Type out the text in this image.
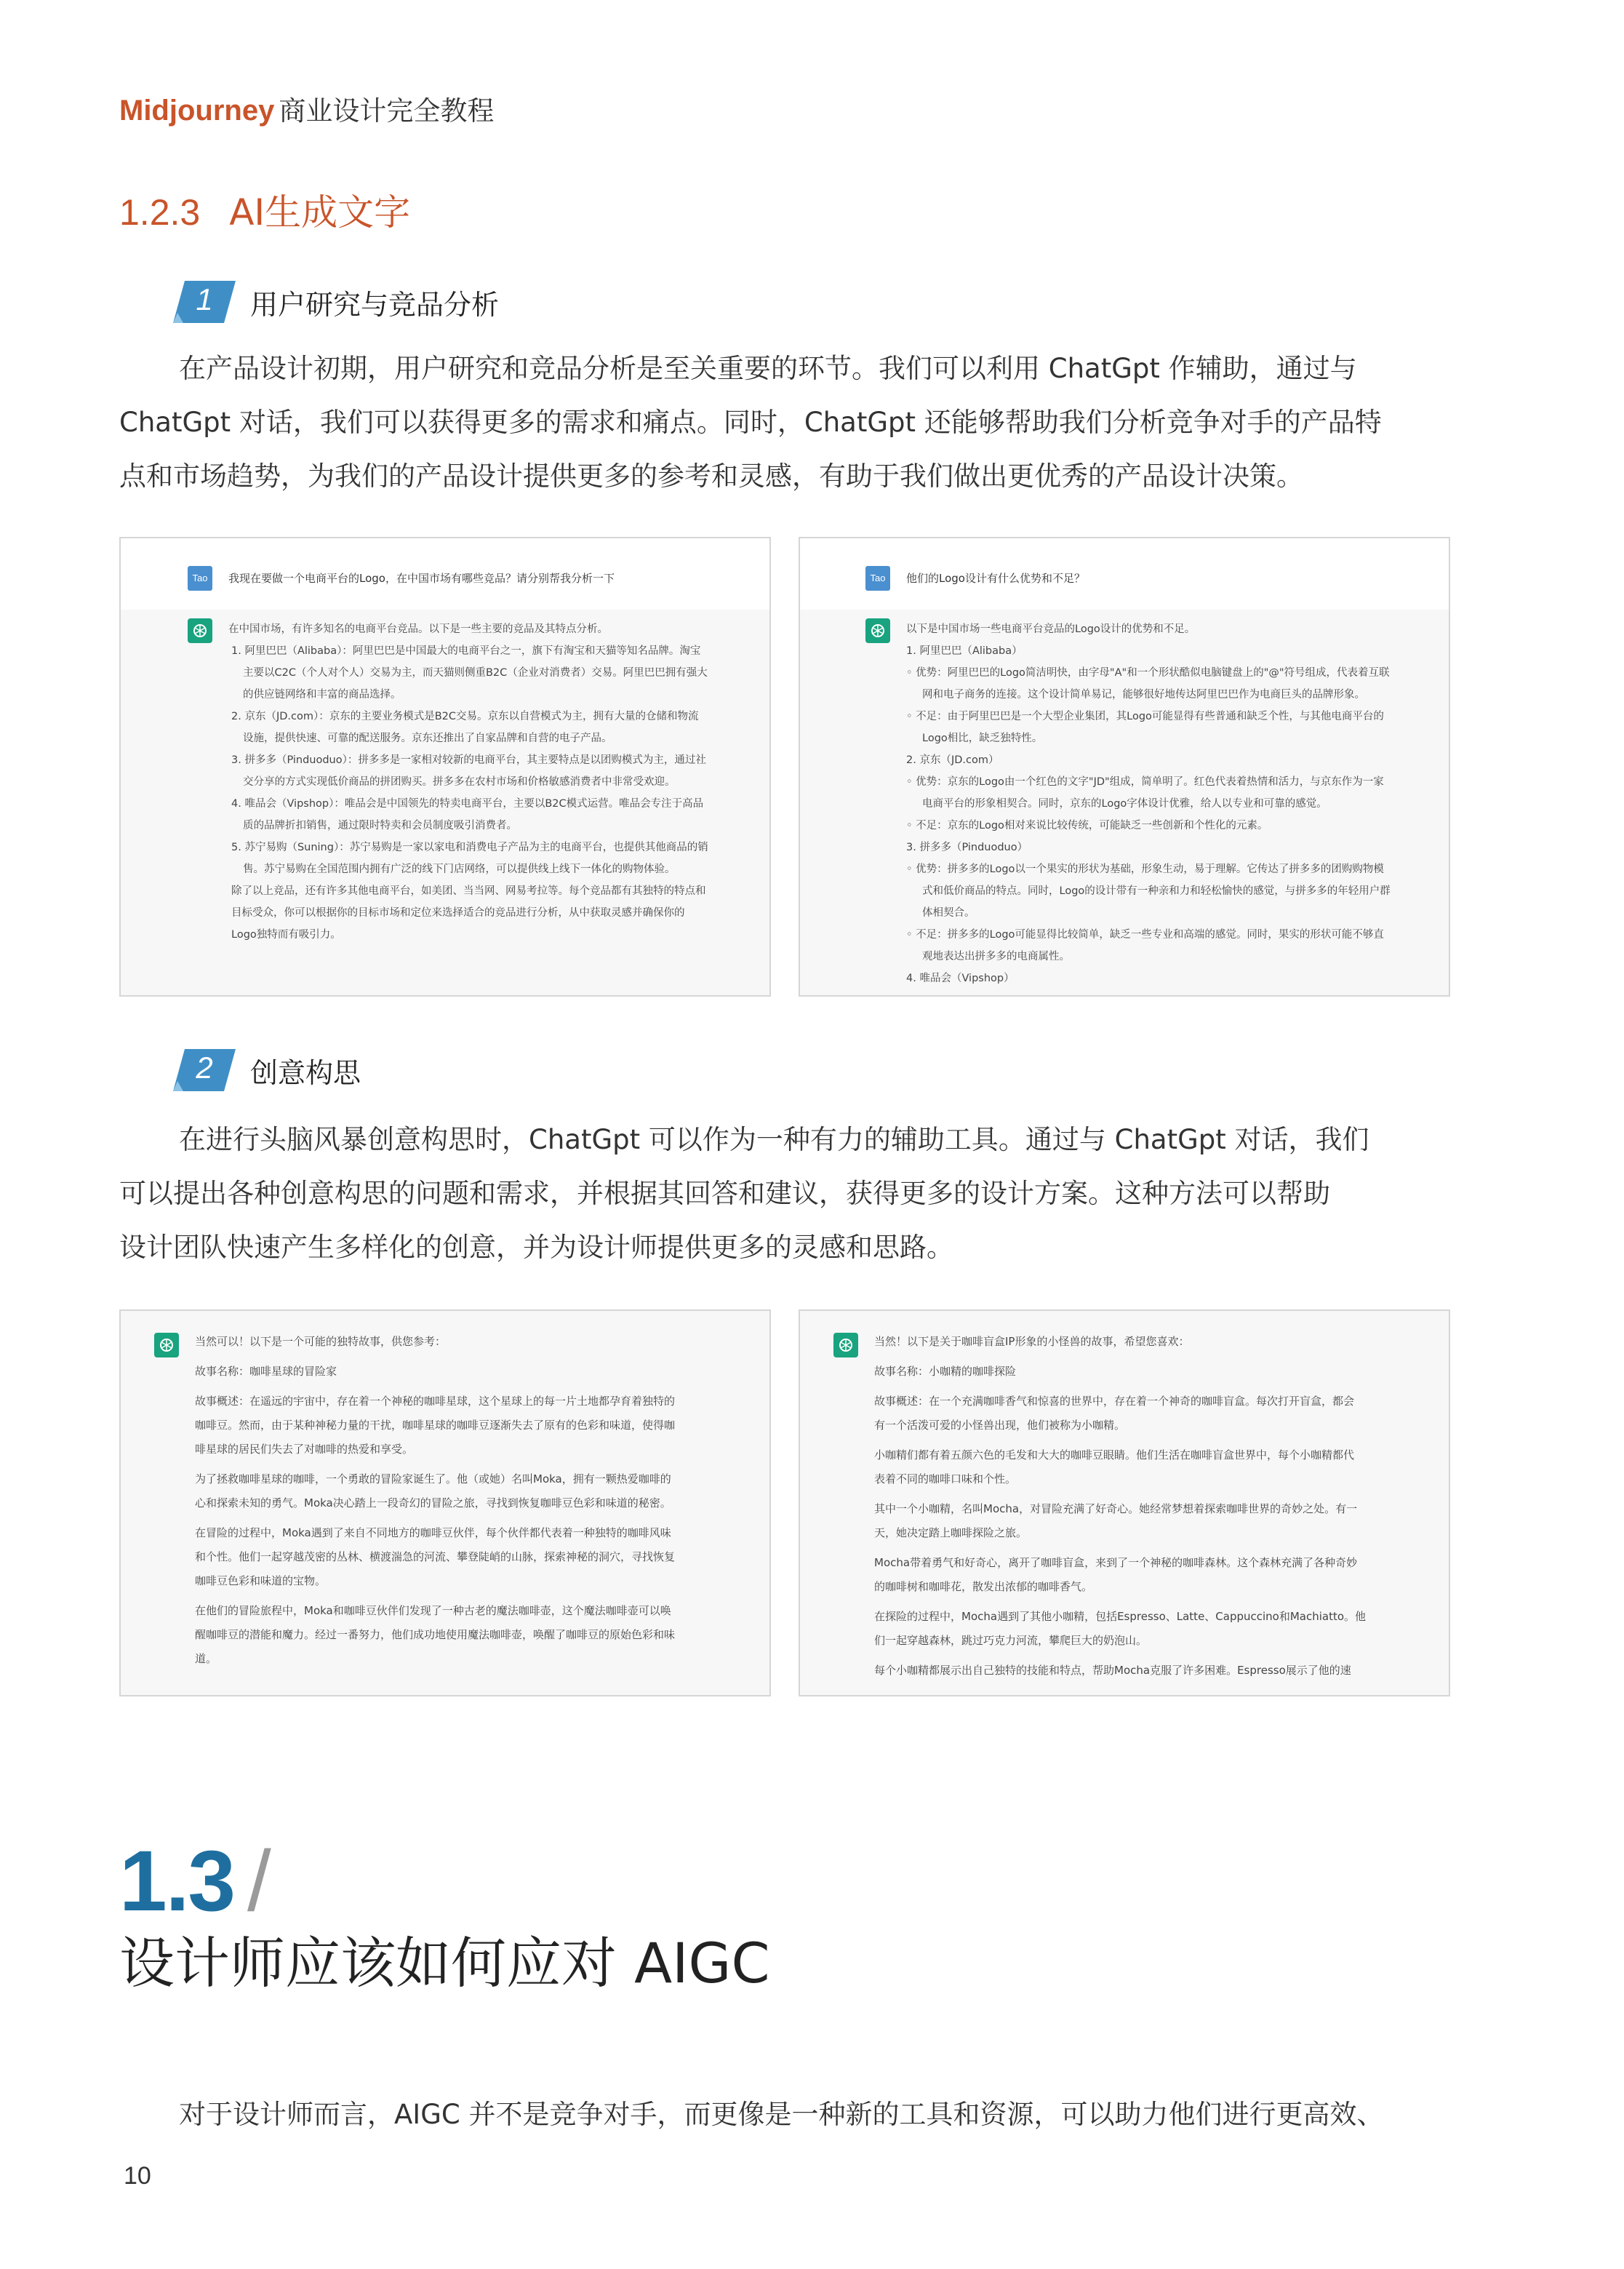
Midjourney 商业设计完全教程
1.2.3 AI生成文字
1	用户研究与竞品分析
在产品设计初期，用户研究和竞品分析是至关重要的环节。我们可以利用 ChatGpt 作辅助，通过与
ChatGpt 对话，我们可以获得更多的需求和痛点。同时，ChatGpt 还能够帮助我们分析竞争对手的产品特
点和市场趋势，为我们的产品设计提供更多的参考和灵感，有助于我们做出更优秀的产品设计决策。
Tao	我现在要做一个电商平台的Logo，在中国市场有哪些竞品？请分别帮我分析一下
在中国市场，有许多知名的电商平台竞品。以下是一些主要的竞品及其特点分析。
1. 阿里巴巴（Alibaba）：阿里巴巴是中国最大的电商平台之一，旗下有淘宝和天猫等知名品牌。淘宝
主要以C2C（个人对个人）交易为主，而天猫则侧重B2C（企业对消费者）交易。阿里巴巴拥有强大
的供应链网络和丰富的商品选择。
2. 京东（JD.com）：京东的主要业务模式是B2C交易。京东以自营模式为主，拥有大量的仓储和物流
设施，提供快速、可靠的配送服务。京东还推出了自家品牌和自营的电子产品。
3. 拼多多（Pinduoduo）：拼多多是一家相对较新的电商平台，其主要特点是以团购模式为主，通过社
交分享的方式实现低价商品的拼团购买。拼多多在农村市场和价格敏感消费者中非常受欢迎。
4. 唯品会（Vipshop）：唯品会是中国领先的特卖电商平台，主要以B2C模式运营。唯品会专注于高品
质的品牌折扣销售，通过限时特卖和会员制度吸引消费者。
5. 苏宁易购（Suning）：苏宁易购是一家以家电和消费电子产品为主的电商平台，也提供其他商品的销
售。苏宁易购在全国范围内拥有广泛的线下门店网络，可以提供线上线下一体化的购物体验。
除了以上竞品，还有许多其他电商平台，如美团、当当网、网易考拉等。每个竞品都有其独特的特点和
目标受众，你可以根据你的目标市场和定位来选择适合的竞品进行分析，从中获取灵感并确保你的
Logo独特而有吸引力。
Tao	他们的Logo设计有什么优势和不足？
以下是中国市场一些电商平台竞品的Logo设计的优势和不足。
1. 阿里巴巴（Alibaba）
◦ 优势：阿里巴巴的Logo简洁明快，由字母"A"和一个形状酷似电脑键盘上的"@"符号组成，代表着互联
网和电子商务的连接。这个设计简单易记，能够很好地传达阿里巴巴作为电商巨头的品牌形象。
◦ 不足：由于阿里巴巴是一个大型企业集团，其Logo可能显得有些普通和缺乏个性，与其他电商平台的
Logo相比，缺乏独特性。
2. 京东（JD.com）
◦ 优势：京东的Logo由一个红色的文字"JD"组成，简单明了。红色代表着热情和活力，与京东作为一家
电商平台的形象相契合。同时，京东的Logo字体设计优雅，给人以专业和可靠的感觉。
◦ 不足：京东的Logo相对来说比较传统，可能缺乏一些创新和个性化的元素。
3. 拼多多（Pinduoduo）
◦ 优势：拼多多的Logo以一个果实的形状为基础，形象生动，易于理解。它传达了拼多多的团购购物模
式和低价商品的特点。同时，Logo的设计带有一种亲和力和轻松愉快的感觉，与拼多多的年轻用户群
体相契合。
◦ 不足：拼多多的Logo可能显得比较简单，缺乏一些专业和高端的感觉。同时，果实的形状可能不够直
观地表达出拼多多的电商属性。
4. 唯品会（Vipshop）
2	创意构思
在进行头脑风暴创意构思时，ChatGpt 可以作为一种有力的辅助工具。通过与 ChatGpt 对话，我们
可以提出各种创意构思的问题和需求，并根据其回答和建议，获得更多的设计方案。这种方法可以帮助
设计团队快速产生多样化的创意，并为设计师提供更多的灵感和思路。
当然可以！以下是一个可能的独特故事，供您参考：
故事名称：咖啡星球的冒险家
故事概述：在遥远的宇宙中，存在着一个神秘的咖啡星球，这个星球上的每一片土地都孕育着独特的
咖啡豆。然而，由于某种神秘力量的干扰，咖啡星球的咖啡豆逐渐失去了原有的色彩和味道，使得咖
啡星球的居民们失去了对咖啡的热爱和享受。
为了拯救咖啡星球的咖啡，一个勇敢的冒险家诞生了。他（或她）名叫Moka，拥有一颗热爱咖啡的
心和探索未知的勇气。Moka决心踏上一段奇幻的冒险之旅，寻找到恢复咖啡豆色彩和味道的秘密。
在冒险的过程中，Moka遇到了来自不同地方的咖啡豆伙伴，每个伙伴都代表着一种独特的咖啡风味
和个性。他们一起穿越茂密的丛林、横渡湍急的河流、攀登陡峭的山脉，探索神秘的洞穴，寻找恢复
咖啡豆色彩和味道的宝物。
在他们的冒险旅程中，Moka和咖啡豆伙伴们发现了一种古老的魔法咖啡壶，这个魔法咖啡壶可以唤
醒咖啡豆的潜能和魔力。经过一番努力，他们成功地使用魔法咖啡壶，唤醒了咖啡豆的原始色彩和味
道。
当然！以下是关于咖啡盲盒IP形象的小怪兽的故事，希望您喜欢：
故事名称：小咖精的咖啡探险
故事概述：在一个充满咖啡香气和惊喜的世界中，存在着一个神奇的咖啡盲盒。每次打开盲盒，都会
有一个活泼可爱的小怪兽出现，他们被称为小咖精。
小咖精们都有着五颜六色的毛发和大大的咖啡豆眼睛。他们生活在咖啡盲盒世界中，每个小咖精都代
表着不同的咖啡口味和个性。
其中一个小咖精，名叫Mocha，对冒险充满了好奇心。她经常梦想着探索咖啡世界的奇妙之处。有一
天，她决定踏上咖啡探险之旅。
Mocha带着勇气和好奇心，离开了咖啡盲盒，来到了一个神秘的咖啡森林。这个森林充满了各种奇妙
的咖啡树和咖啡花，散发出浓郁的咖啡香气。
在探险的过程中，Mocha遇到了其他小咖精，包括Espresso、Latte、Cappuccino和Machiatto。他
们一起穿越森林，跳过巧克力河流，攀爬巨大的奶泡山。
每个小咖精都展示出自己独特的技能和特点，帮助Mocha克服了许多困难。Espresso展示了他的速
1.3 /
设计师应该如何应对 AIGC
对于设计师而言，AIGC 并不是竞争对手，而更像是一种新的工具和资源，可以助力他们进行更高效、
10
